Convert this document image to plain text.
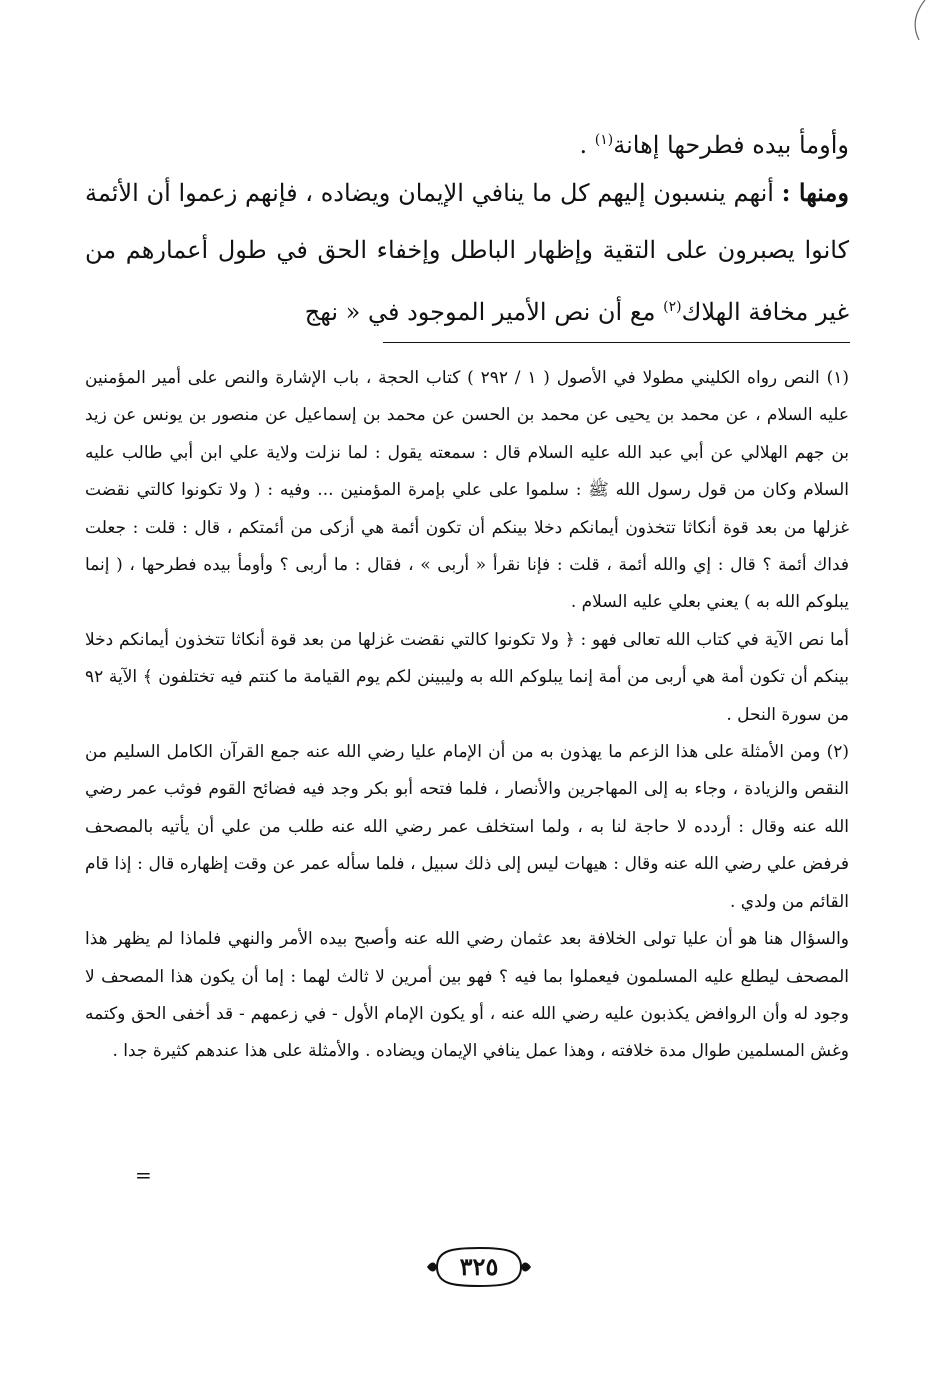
وأومأ بيده فطرحها إهانة$^{(١)}$ .
ومنها : أنهم ينسبون إليهم كل ما ينافي الإيمان ويضاده ، فإنهم زعموا أن الأئمة كانوا يصبرون على التقية وإظهار الباطل وإخفاء الحق في طول أعمارهم من غير مخافة الهلاك$^{(٢)}$ مع أن نص الأمير الموجود في « نهج

(١) النص رواه الكليني مطولا في الأصول ( ١ / ٢٩٢ ) كتاب الحجة ، باب الإشارة والنص على أمير المؤمنين عليه السلام ، عن محمد بن يحيى عن محمد بن الحسن عن محمد بن إسماعيل عن منصور بن يونس عن زيد بن جهم الهلالي عن أبي عبد الله عليه السلام قال : سمعته يقول : لما نزلت ولاية علي ابن أبي طالب عليه السلام وكان من قول رسول الله ﷺ : سلموا على علي بإمرة المؤمنين ... وفيه : ( ولا تكونوا كالتي نقضت غزلها من بعد قوة أنكاثا تتخذون أيمانكم دخلا بينكم أن تكون أئمة هي أزكى من أئمتكم ، قال : قلت : جعلت فداك أئمة ؟ قال : إي والله أئمة ، قلت : فإنا نقرأ « أربى » ، فقال : ما أربى ؟ وأومأ بيده فطرحها ، ( إنما يبلوكم الله به ) يعني بعلي عليه السلام .

أما نص الآية في كتاب الله تعالى فهو : ﴿ ولا تكونوا كالتي نقضت غزلها من بعد قوة أنكاثا تتخذون أيمانكم دخلا بينكم أن تكون أمة هي أربى من أمة إنما يبلوكم الله به وليبينن لكم يوم القيامة ما كنتم فيه تختلفون ﴾ الآية ٩٢ من سورة النحل .

(٢) ومن الأمثلة على هذا الزعم ما يهذون به من أن الإمام عليا رضي الله عنه جمع القرآن الكامل السليم من النقص والزيادة ، وجاء به إلى المهاجرين والأنصار ، فلما فتحه أبو بكر وجد فيه فضائح القوم فوثب عمر رضي الله عنه وقال : أردده لا حاجة لنا به ، ولما استخلف عمر رضي الله عنه طلب من علي أن يأتيه بالمصحف فرفض علي رضي الله عنه وقال : هيهات ليس إلى ذلك سبيل ، فلما سأله عمر عن وقت إظهاره قال : إذا قام القائم من ولدي .

والسؤال هنا هو أن عليا تولى الخلافة بعد عثمان رضي الله عنه وأصبح بيده الأمر والنهي فلماذا لم يظهر هذا المصحف ليطلع عليه المسلمون فيعملوا بما فيه ؟ فهو بين أمرين لا ثالث لهما : إما أن يكون هذا المصحف لا وجود له وأن الروافض يكذبون عليه رضي الله عنه ، أو يكون الإمام الأول - في زعمهم - قد أخفى الحق وكتمه وغش المسلمين طوال مدة خلافته ، وهذا عمل ينافي الإيمان ويضاده . والأمثلة على هذا عندهم كثيرة جدا .

=
٣٢٥
